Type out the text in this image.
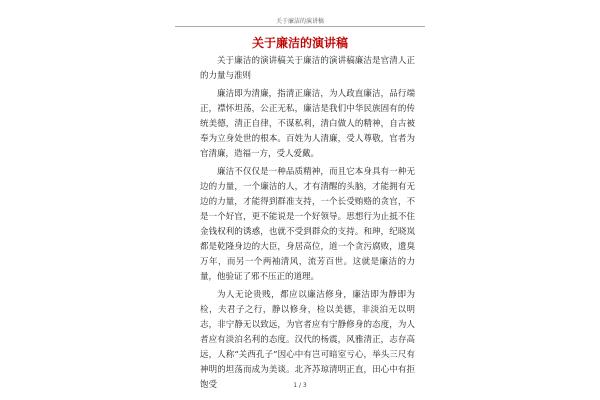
关于廉洁的演讲稿
关于廉洁的演讲稿

关于廉洁的演讲稿关于廉洁的演讲稿廉洁是官清人正的力量与准则

廉洁即为清廉，指清正廉洁，为人政直廉洁，品行端正，襟怀坦荡，公正无私，廉洁是我们中华民族固有的传统美德，清正自律，不谋私利，清白做人的精神，自古被奉为立身处世的根本。百姓为人清廉，受人尊敬，官者为官清廉，造福一方，受人爱戴。

廉洁不仅仅是一种品质精神，而且它本身具有一种无边的力量，一个廉洁的人，才有清醒的头脑，才能拥有无边的力量，才能得到群准支持，一个长受贿赂的贪官，不是一个好官，更不能说是一个好领导。思想行为止抵不住金钱权利的诱惑，也就不受到群众的支持。和珅，纪晓岚都是乾隆身边的大臣，身居高位，道一个贪污腐败，遗臭万年，而另一个两袖清风，流芳百世。这就是廉洁的力量，他验证了邪不压正的道理。

为人无论贵贱，都应以廉洁修身，廉洁即为静即为检，夫君子之行，静以修身，检以美德，非淡泊无以明志，非宁静无以致远，为官者应有宁静修身的态度，为人者应有淡泊名利的态度。汉代的杨震，风雅清正，志存高远，人称“关西孔子”因心中有岂可暗室亏心，举头三尺有神明的坦荡而成为美谈。北齐苏琼清明正直，田心中有拒饱受	1 / 3
